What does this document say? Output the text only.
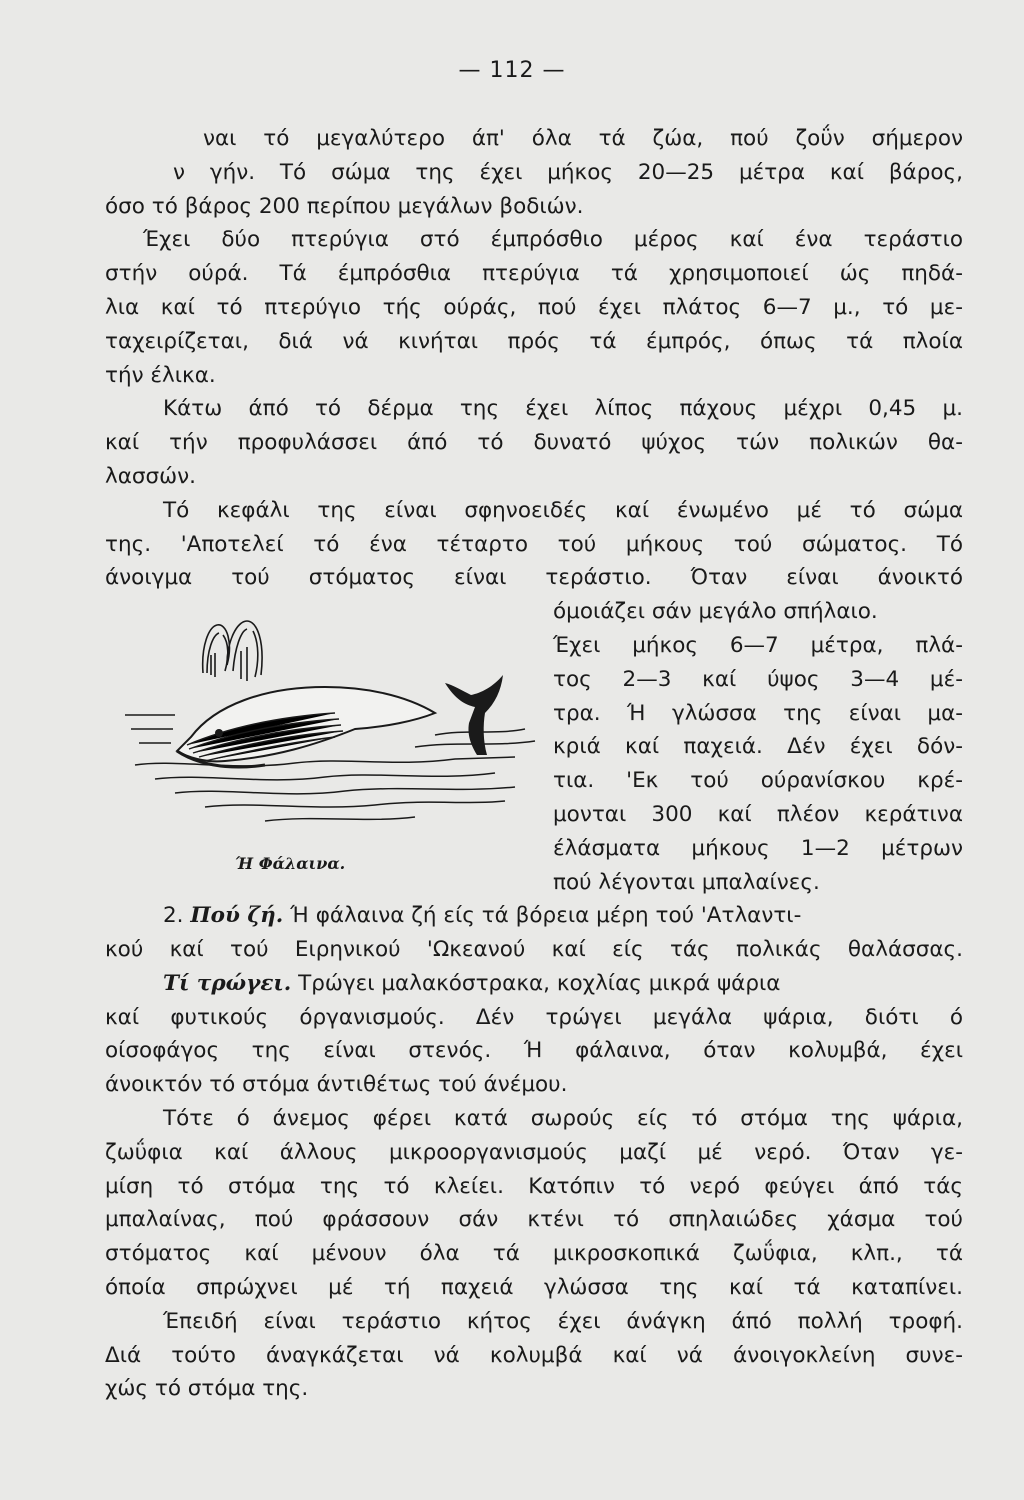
— 112 —
ναι τό μεγαλύτερο άπ' όλα τά ζώα, πού ζοΰν σήμερον
ν γήν. Τό σώμα της έχει μήκος 20—25 μέτρα καί βάρος,
όσο τό βάρος 200 περίπου μεγάλων βοδιών.
Έχει δύο πτερύγια στό έμπρόσθιο μέρος καί ένα τεράστιο
στήν ούρά. Τά έμπρόσθια πτερύγια τά χρησιμοποιεί ώς πηδά-
λια καί τό πτερύγιο τής ούράς, πού έχει πλάτος 6—7 μ., τό με-
ταχειρίζεται, διά νά κινήται πρός τά έμπρός, όπως τά πλοία
τήν έλικα.
Κάτω άπό τό δέρμα της έχει λίπος πάχους μέχρι 0,45 μ.
καί τήν προφυλάσσει άπό τό δυνατό ψύχος τών πολικών θα-
λασσών.
Τό κεφάλι της είναι σφηνοειδές καί ένωμένο μέ τό σώμα
της. 'Αποτελεί τό ένα τέταρτο τού μήκους τού σώματος. Τό
άνοιγμα τού στόματος είναι τεράστιο. Όταν είναι άνοικτό
Ή Φάλαινα.
όμοιάζει σάν μεγάλο σπήλαιο.
Έχει μήκος 6—7 μέτρα, πλά-
τος 2—3 καί ύψος 3—4 μέ-
τρα. Ή γλώσσα της είναι μα-
κριά καί παχειά. Δέν έχει δόν-
τια. 'Εκ τού ούρανίσκου κρέ-
μονται 300 καί πλέον κεράτινα
έλάσματα μήκους 1—2 μέτρων
πού λέγονται μπαλαίνες.
2. Πού ζή. Ή φάλαινα ζή είς τά βόρεια μέρη τού 'Ατλαντι-
κού καί τού Ειρηνικού 'Ωκεανού καί είς τάς πολικάς θαλάσσας.
Τί τρώγει. Τρώγει μαλακόστρακα, κοχλίας μικρά ψάρια
καί φυτικούς όργανισμούς. Δέν τρώγει μεγάλα ψάρια, διότι ό
οίσοφάγος της είναι στενός. Ή φάλαινα, όταν κολυμβά, έχει
άνοικτόν τό στόμα άντιθέτως τού άνέμου.
Τότε ό άνεμος φέρει κατά σωρούς είς τό στόμα της ψάρια,
ζωΰφια καί άλλους μικροοργανισμούς μαζί μέ νερό. Όταν γε-
μίση τό στόμα της τό κλείει. Κατόπιν τό νερό φεύγει άπό τάς
μπαλαίνας, πού φράσσουν σάν κτένι τό σπηλαιώδες χάσμα τού
στόματος καί μένουν όλα τά μικροσκοπικά ζωΰφια, κλπ., τά
όποία σπρώχνει μέ τή παχειά γλώσσα της καί τά καταπίνει.
Έπειδή είναι τεράστιο κήτος έχει άνάγκη άπό πολλή τροφή.
Διά τούτο άναγκάζεται νά κολυμβά καί νά άνοιγοκλείνη συνε-
χώς τό στόμα της.
